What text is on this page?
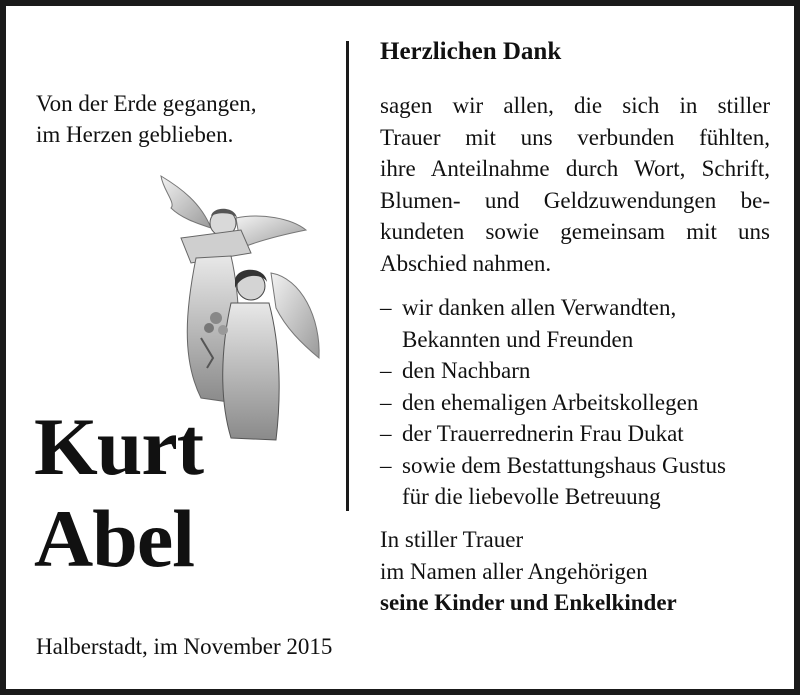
Von der Erde gegangen,
im Herzen geblieben.
Kurt
Abel
Halberstadt, im November 2015
Herzlichen Dank
sagen wir allen, die sich in stiller
Trauer mit uns verbunden fühlten,
ihre Anteilnahme durch Wort, Schrift,
Blumen- und Geldzuwendungen be-
kundeten sowie gemeinsam mit uns
Abschied nahmen.
– wir danken allen Verwandten,
Bekannten und Freunden
– den Nachbarn
– den ehemaligen Arbeitskollegen
– der Trauerrednerin Frau Dukat
– sowie dem Bestattungshaus Gustus
für die liebevolle Betreuung
In stiller Trauer
im Namen aller Angehörigen
seine Kinder und Enkelkinder
